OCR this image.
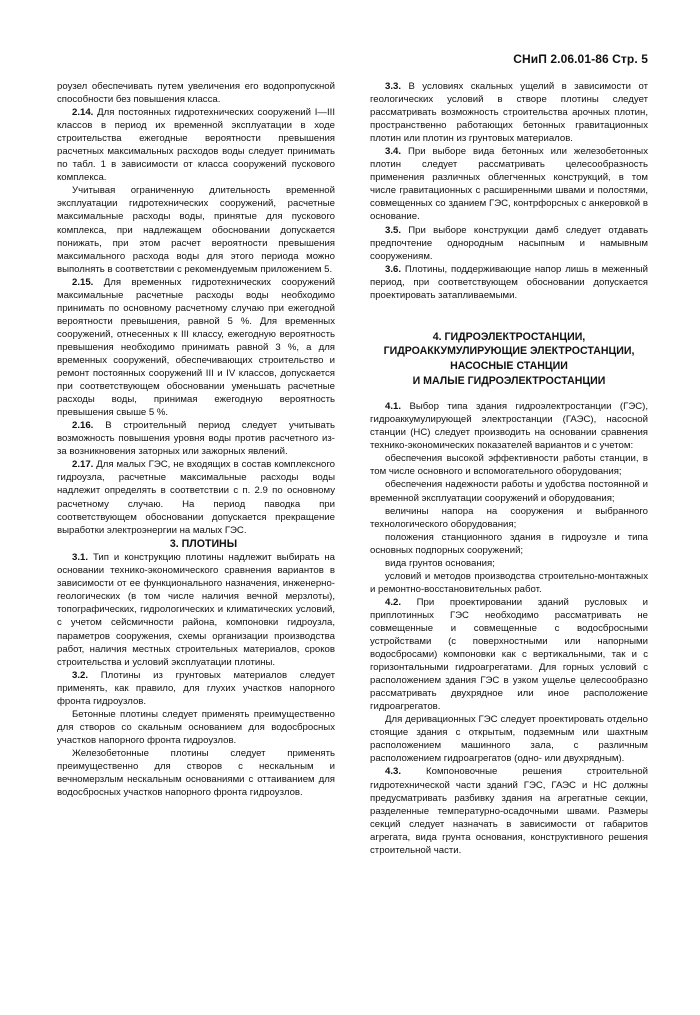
СНиП 2.06.01-86 Стр. 5

роузел обеспечивать путем увеличения его водопропускной способности без повышения класса.

2.14. Для постоянных гидротехнических сооружений I—III классов в период их временной эксплуатации в ходе строительства ежегодные вероятности превышения расчетных максимальных расходов воды следует принимать по табл. 1 в зависимости от класса сооружений пускового комплекса.

Учитывая ограниченную длительность временной эксплуатации гидротехнических сооружений, расчетные максимальные расходы воды, принятые для пускового комплекса, при надлежащем обосновании допускается понижать, при этом расчет вероятности превышения максимального расхода воды для этого периода можно выполнять в соответствии с рекомендуемым приложением 5.

2.15. Для временных гидротехнических сооружений максимальные расчетные расходы воды необходимо принимать по основному расчетному случаю при ежегодной вероятности превышения, равной 5 %. Для временных сооружений, отнесенных к III классу, ежегодную вероятность превышения необходимо принимать равной 3 %, а для временных сооружений, обеспечивающих строительство и ремонт постоянных сооружений III и IV классов, допускается при соответствующем обосновании уменьшать расчетные расходы воды, принимая ежегодную вероятность превышения свыше 5 %.

2.16. В строительный период следует учитывать возможность повышения уровня воды против расчетного из-за возникновения заторных или зажорных явлений.

2.17. Для малых ГЭС, не входящих в состав комплексного гидроузла, расчетные максимальные расходы воды надлежит определять в соответствии с п. 2.9 по основному расчетному случаю. На период паводка при соответствующем обосновании допускается прекращение выработки электроэнергии на малых ГЭС.

3. ПЛОТИНЫ

3.1. Тип и конструкцию плотины надлежит выбирать на основании технико-экономического сравнения вариантов в зависимости от ее функционального назначения, инженерно-геологических (в том числе наличия вечной мерзлоты), топографических, гидрологических и климатических условий, с учетом сейсмичности района, компоновки гидроузла, параметров сооружения, схемы организации производства работ, наличия местных строительных материалов, сроков строительства и условий эксплуатации плотины.

3.2. Плотины из грунтовых материалов следует применять, как правило, для глухих участков напорного фронта гидроузлов.

Бетонные плотины следует применять преимущественно для створов со скальным основанием для водосбросных участков напорного фронта гидроузлов.

Железобетонные плотины следует применять преимущественно для створов с нескальным и вечномерзлым нескальным основаниями с оттаиванием для водосбросных участков напорного фронта гидроузлов.

3.3. В условиях скальных ущелий в зависимости от геологических условий в створе плотины следует рассматривать возможность строительства арочных плотин, пространственно работающих бетонных гравитационных плотин или плотин из грунтовых материалов.

3.4. При выборе вида бетонных или железобетонных плотин следует рассматривать целесообразность применения различных облегченных конструкций, в том числе гравитационных с расширенными швами и полостями, совмещенных со зданием ГЭС, контрфорсных с анкеровкой в основание.

3.5. При выборе конструкции дамб следует отдавать предпочтение однородным насыпным и намывным сооружениям.

3.6. Плотины, поддерживающие напор лишь в меженный период, при соответствующем обосновании допускается проектировать затапливаемыми.

4. ГИДРОЭЛЕКТРОСТАНЦИИ,
ГИДРОАККУМУЛИРУЮЩИЕ ЭЛЕКТРОСТАНЦИИ,
НАСОСНЫЕ СТАНЦИИ
И МАЛЫЕ ГИДРОЭЛЕКТРОСТАНЦИИ

4.1. Выбор типа здания гидроэлектростанции (ГЭС), гидроаккумулирующей электростанции (ГАЭС), насосной станции (НС) следует производить на основании сравнения технико-экономических показателей вариантов и с учетом:

обеспечения высокой эффективности работы станции, в том числе основного и вспомогательного оборудования;

обеспечения надежности работы и удобства постоянной и временной эксплуатации сооружений и оборудования;

величины напора на сооружения и выбранного технологического оборудования;

положения станционного здания в гидроузле и типа основных подпорных сооружений;

вида грунтов основания;

условий и методов производства строительно-монтажных и ремонтно-восстановительных работ.

4.2. При проектировании зданий русловых и приплотинных ГЭС необходимо рассматривать не совмещенные и совмещенные с водосбросными устройствами (с поверхностными или напорными водосбросами) компоновки как с вертикальными, так и с горизонтальными гидроагрегатами. Для горных условий с расположением здания ГЭС в узком ущелье целесообразно рассматривать двухрядное или иное расположение гидроагрегатов.

Для деривационных ГЭС следует проектировать отдельно стоящие здания с открытым, подземным или шахтным расположением машинного зала, с различным расположением гидроагрегатов (одно- или двухрядным).

4.3.	Компоновочные решения строительной гидротехнической части зданий ГЭС, ГАЭС и НС должны предусматривать разбивку здания на агрегатные секции, разделенные температурно-осадочными швами. Размеры секций следует назначать в зависимости от габаритов агрегата, вида грунта основания, конструктивного решения строительной части.
